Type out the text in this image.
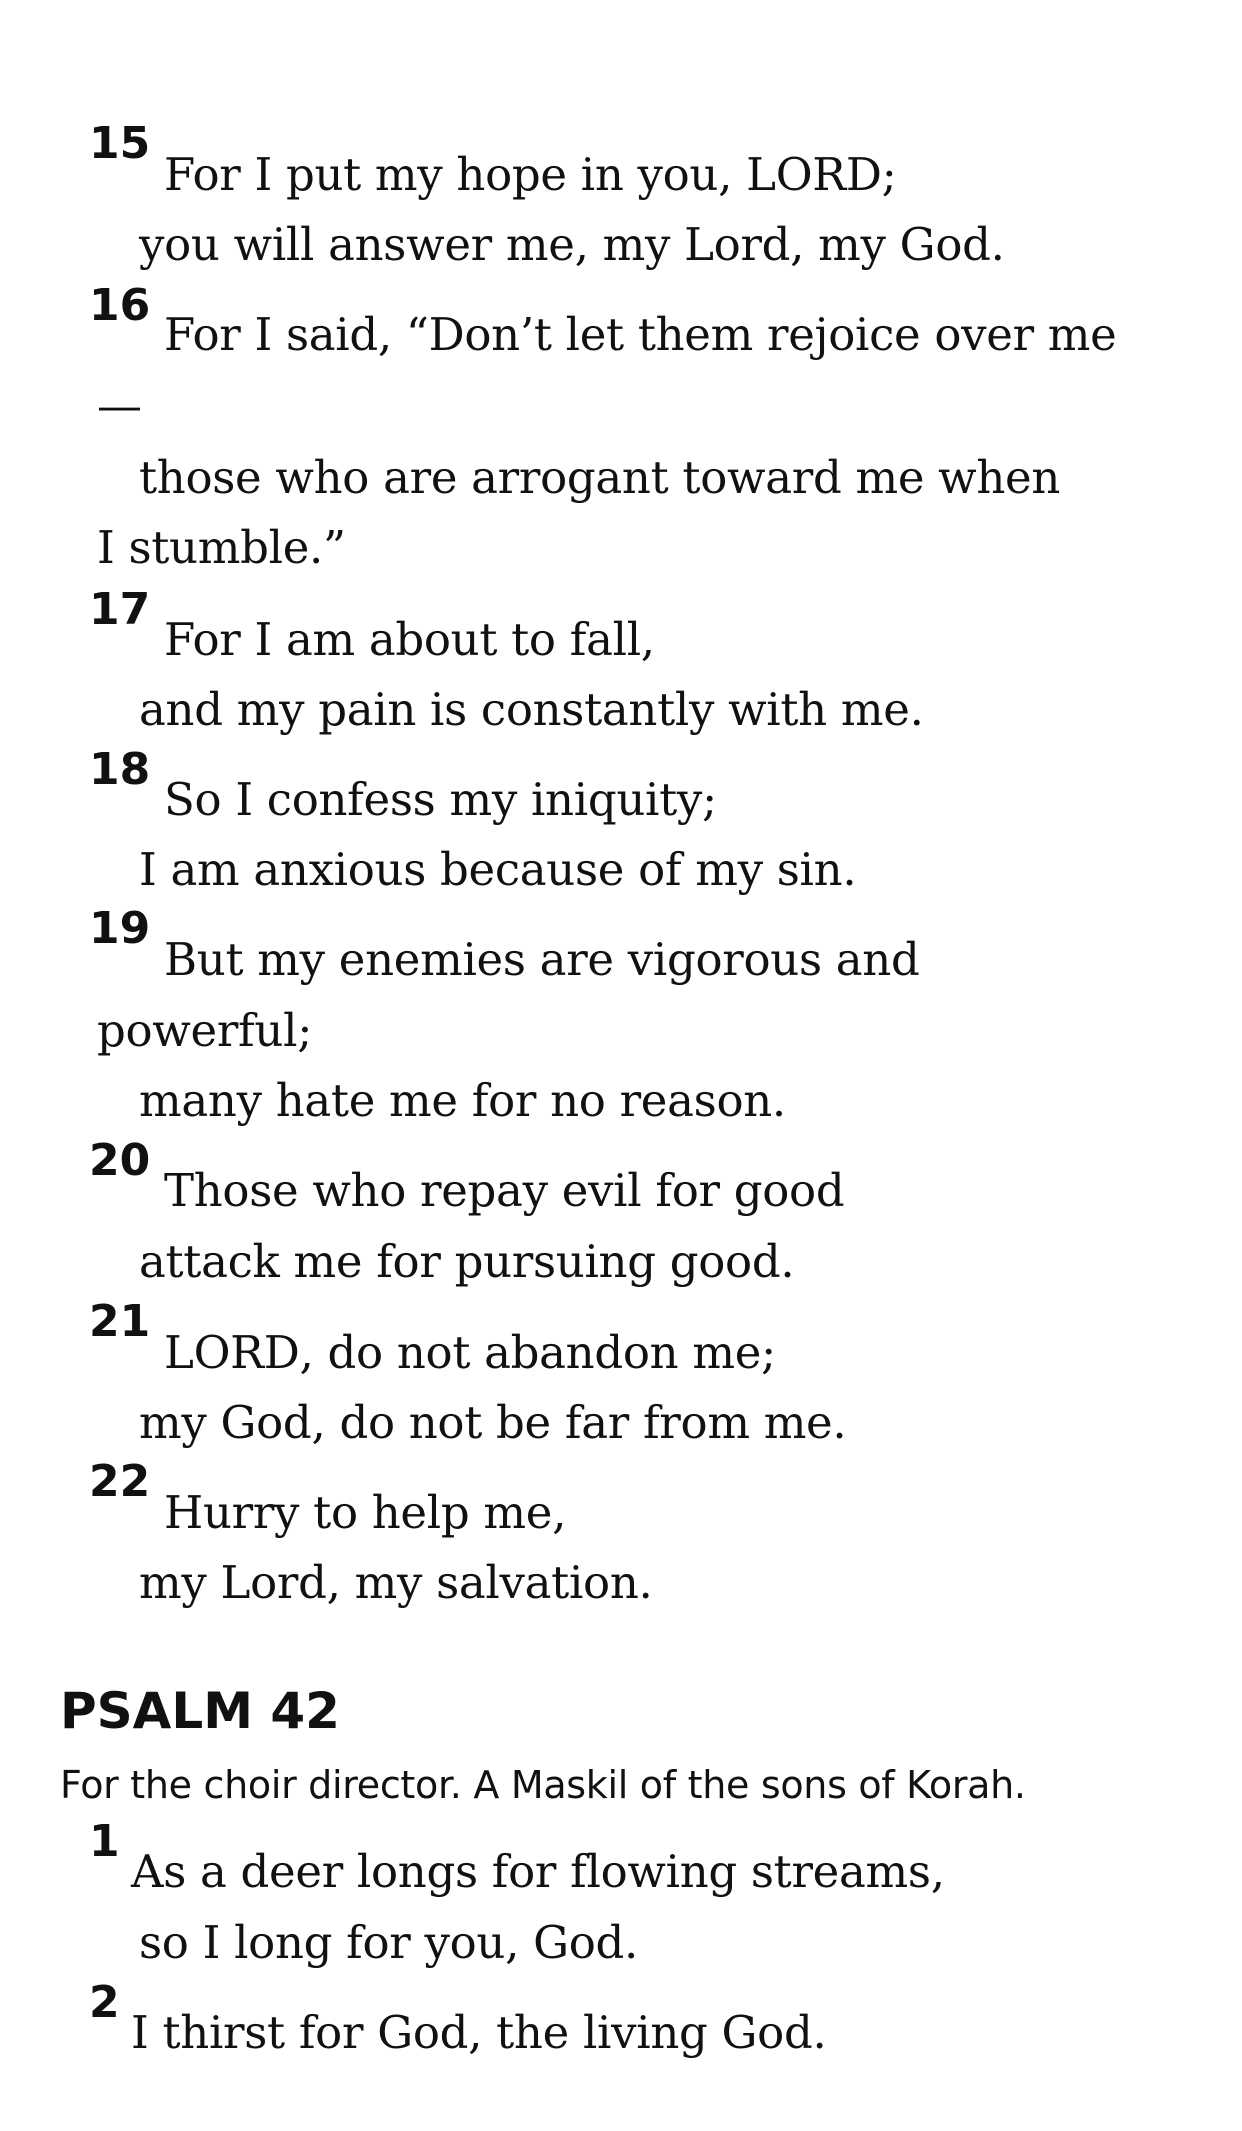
15
For I put my hope in you, LORD;
you will answer me, my Lord, my God.
16
For I said, “Don’t let them rejoice over me
—
those who are arrogant toward me when
I stumble.”
17
For I am about to fall,
and my pain is constantly with me.
18
So I confess my iniquity;
I am anxious because of my sin.
19
But my enemies are vigorous and
powerful;
many hate me for no reason.
20
Those who repay evil for good
attack me for pursuing good.
21
LORD, do not abandon me;
my God, do not be far from me.
22
Hurry to help me,
my Lord, my salvation.
PSALM 42
For the choir director. A Maskil of the sons of Korah.
1
As a deer longs for flowing streams,
so I long for you, God.
2
I thirst for God, the living God.
